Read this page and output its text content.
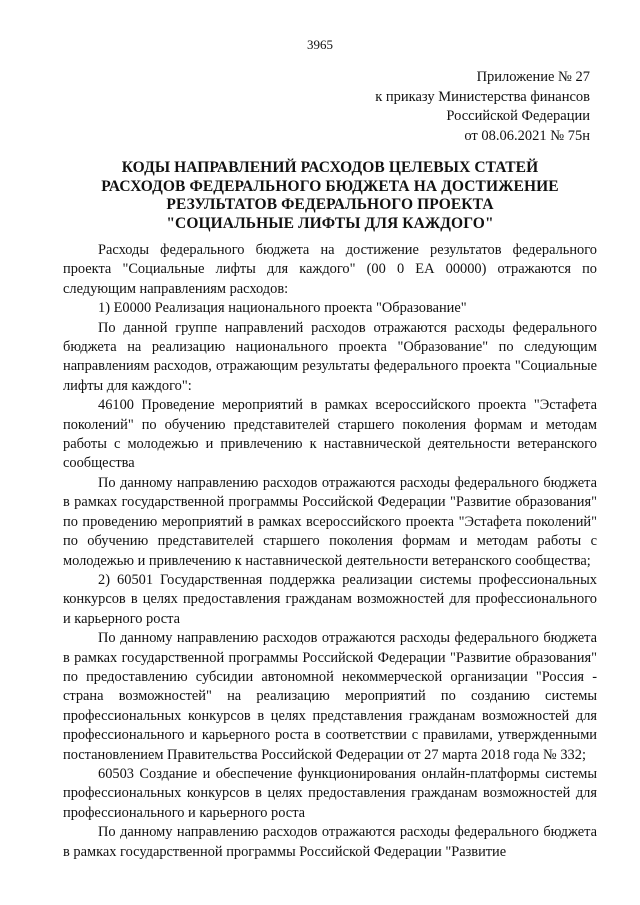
3965
Приложение № 27
к приказу Министерства финансов
Российской Федерации
от 08.06.2021 № 75н
КОДЫ НАПРАВЛЕНИЙ РАСХОДОВ ЦЕЛЕВЫХ СТАТЕЙ
РАСХОДОВ ФЕДЕРАЛЬНОГО БЮДЖЕТА НА ДОСТИЖЕНИЕ
РЕЗУЛЬТАТОВ ФЕДЕРАЛЬНОГО ПРОЕКТА
"СОЦИАЛЬНЫЕ ЛИФТЫ ДЛЯ КАЖДОГО"

Расходы федерального бюджета на достижение результатов федерального проекта "Социальные лифты для каждого" (00 0 ЕА 00000) отражаются по следующим направлениям расходов:

1) Е0000 Реализация национального проекта "Образование"

По данной группе направлений расходов отражаются расходы федерального бюджета на реализацию национального проекта "Образование" по следующим направлениям расходов, отражающим результаты федерального проекта "Социальные лифты для каждого":

46100 Проведение мероприятий в рамках всероссийского проекта "Эстафета поколений" по обучению представителей старшего поколения формам и методам работы с молодежью и привлечению к наставнической деятельности ветеранского сообщества

По данному направлению расходов отражаются расходы федерального бюджета в рамках государственной программы Российской Федерации "Развитие образования" по проведению мероприятий в рамках всероссийского проекта "Эстафета поколений" по обучению представителей старшего поколения формам и методам работы с молодежью и привлечению к наставнической деятельности ветеранского сообщества;

2) 60501 Государственная поддержка реализации системы профессиональных конкурсов в целях предоставления гражданам возможностей для профессионального и карьерного роста

По данному направлению расходов отражаются расходы федерального бюджета в рамках государственной программы Российской Федерации "Развитие образования" по предоставлению субсидии автономной некоммерческой организации "Россия - страна возможностей" на реализацию мероприятий по созданию системы профессиональных конкурсов в целях представления гражданам возможностей для профессионального и карьерного роста в соответствии с правилами, утвержденными постановлением Правительства Российской Федерации от 27 марта 2018 года № 332;

60503 Создание и обеспечение функционирования онлайн-платформы системы профессиональных конкурсов в целях предоставления гражданам возможностей для профессионального и карьерного роста

По данному направлению расходов отражаются расходы федерального бюджета в рамках государственной программы Российской Федерации "Развитие
